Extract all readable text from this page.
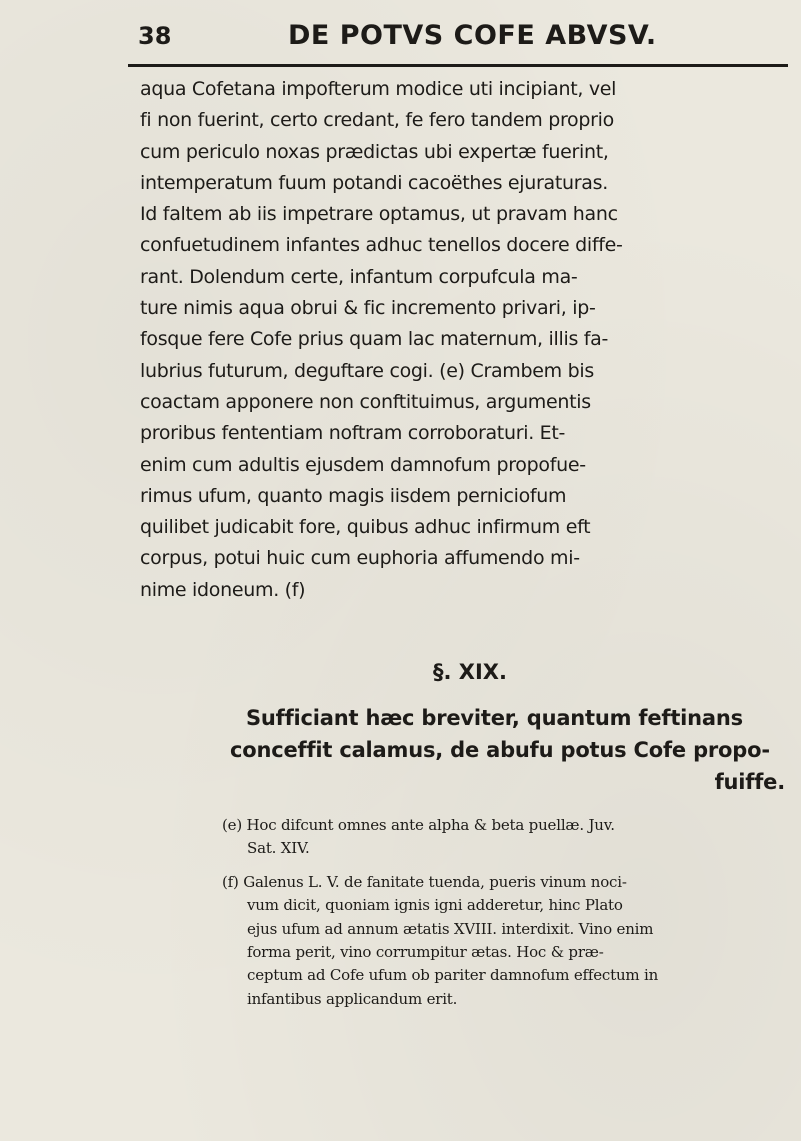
38	DE POTVS COFE ABVSV.
aqua Cofetana impofterum modice uti incipiant, vel
fi non fuerint, certo credant, fe fero tandem proprio
cum periculo noxas prædictas ubi expertæ fuerint,
intemperatum fuum potandi cacoëthes ejuraturas.
Id faltem ab iis impetrare optamus, ut pravam hanc
confuetudinem infantes adhuc tenellos docere diffe-
rant. Dolendum certe, infantum corpufcula ma-
ture nimis aqua obrui & fic incremento privari, ip-
fosque fere Cofe prius quam lac maternum, illis fa-
lubrius futurum, deguftare cogi. (e) Crambem bis
coactam apponere non conftituimus, argumentis
proribus fententiam noftram corroboraturi. Et-
enim cum adultis ejusdem damnofum propofue-
rimus ufum, quanto magis iisdem perniciofum
quilibet judicabit fore, quibus adhuc infirmum eft
corpus, potui huic cum euphoria affumendo mi-
nime idoneum. (f)
§. XIX.
Sufficiant hæc breviter, quantum feftinans
conceffit calamus, de abufu potus Cofe propo-
fuiffe.
(e) Hoc difcunt omnes ante alpha & beta puellæ. Juv.
Sat. XIV.
(f) Galenus L. V. de fanitate tuenda, pueris vinum noci-
vum dicit, quoniam ignis igni adderetur, hinc Plato
ejus ufum ad annum ætatis XVIII. interdixit. Vino enim
forma perit, vino corrumpitur ætas. Hoc & præ-
ceptum ad Cofe ufum ob pariter damnofum effectum in
infantibus applicandum erit.
